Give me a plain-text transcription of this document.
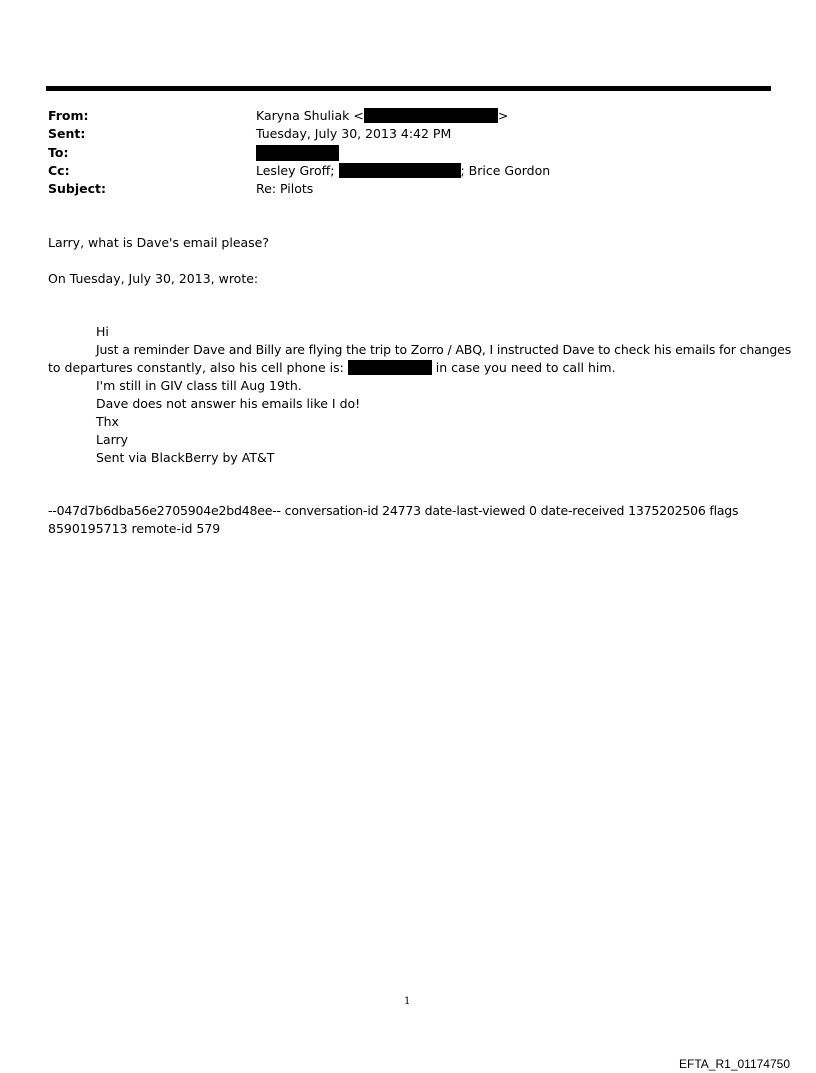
From:	Karyna Shuliak <	>
Sent:	Tuesday, July 30, 2013 4:42 PM
To:
Cc:	Lesley Groff;	; Brice Gordon
Subject:	Re: Pilots
Larry, what is Dave's email please?
On Tuesday, July 30, 2013, wrote:
Hi
Just a reminder Dave and Billy are flying the trip to Zorro / ABQ, I instructed Dave to check his emails for changes
to departures constantly, also his cell phone is:	in case you need to call him.
I'm still in GIV class till Aug 19th.
Dave does not answer his emails like I do!
Thx
Larry
Sent via BlackBerry by AT&T
--047d7b6dba56e2705904e2bd48ee-- conversation-id 24773 date-last-viewed 0 date-received 1375202506 flags
8590195713 remote-id 579
1
EFTA_R1_01174750
